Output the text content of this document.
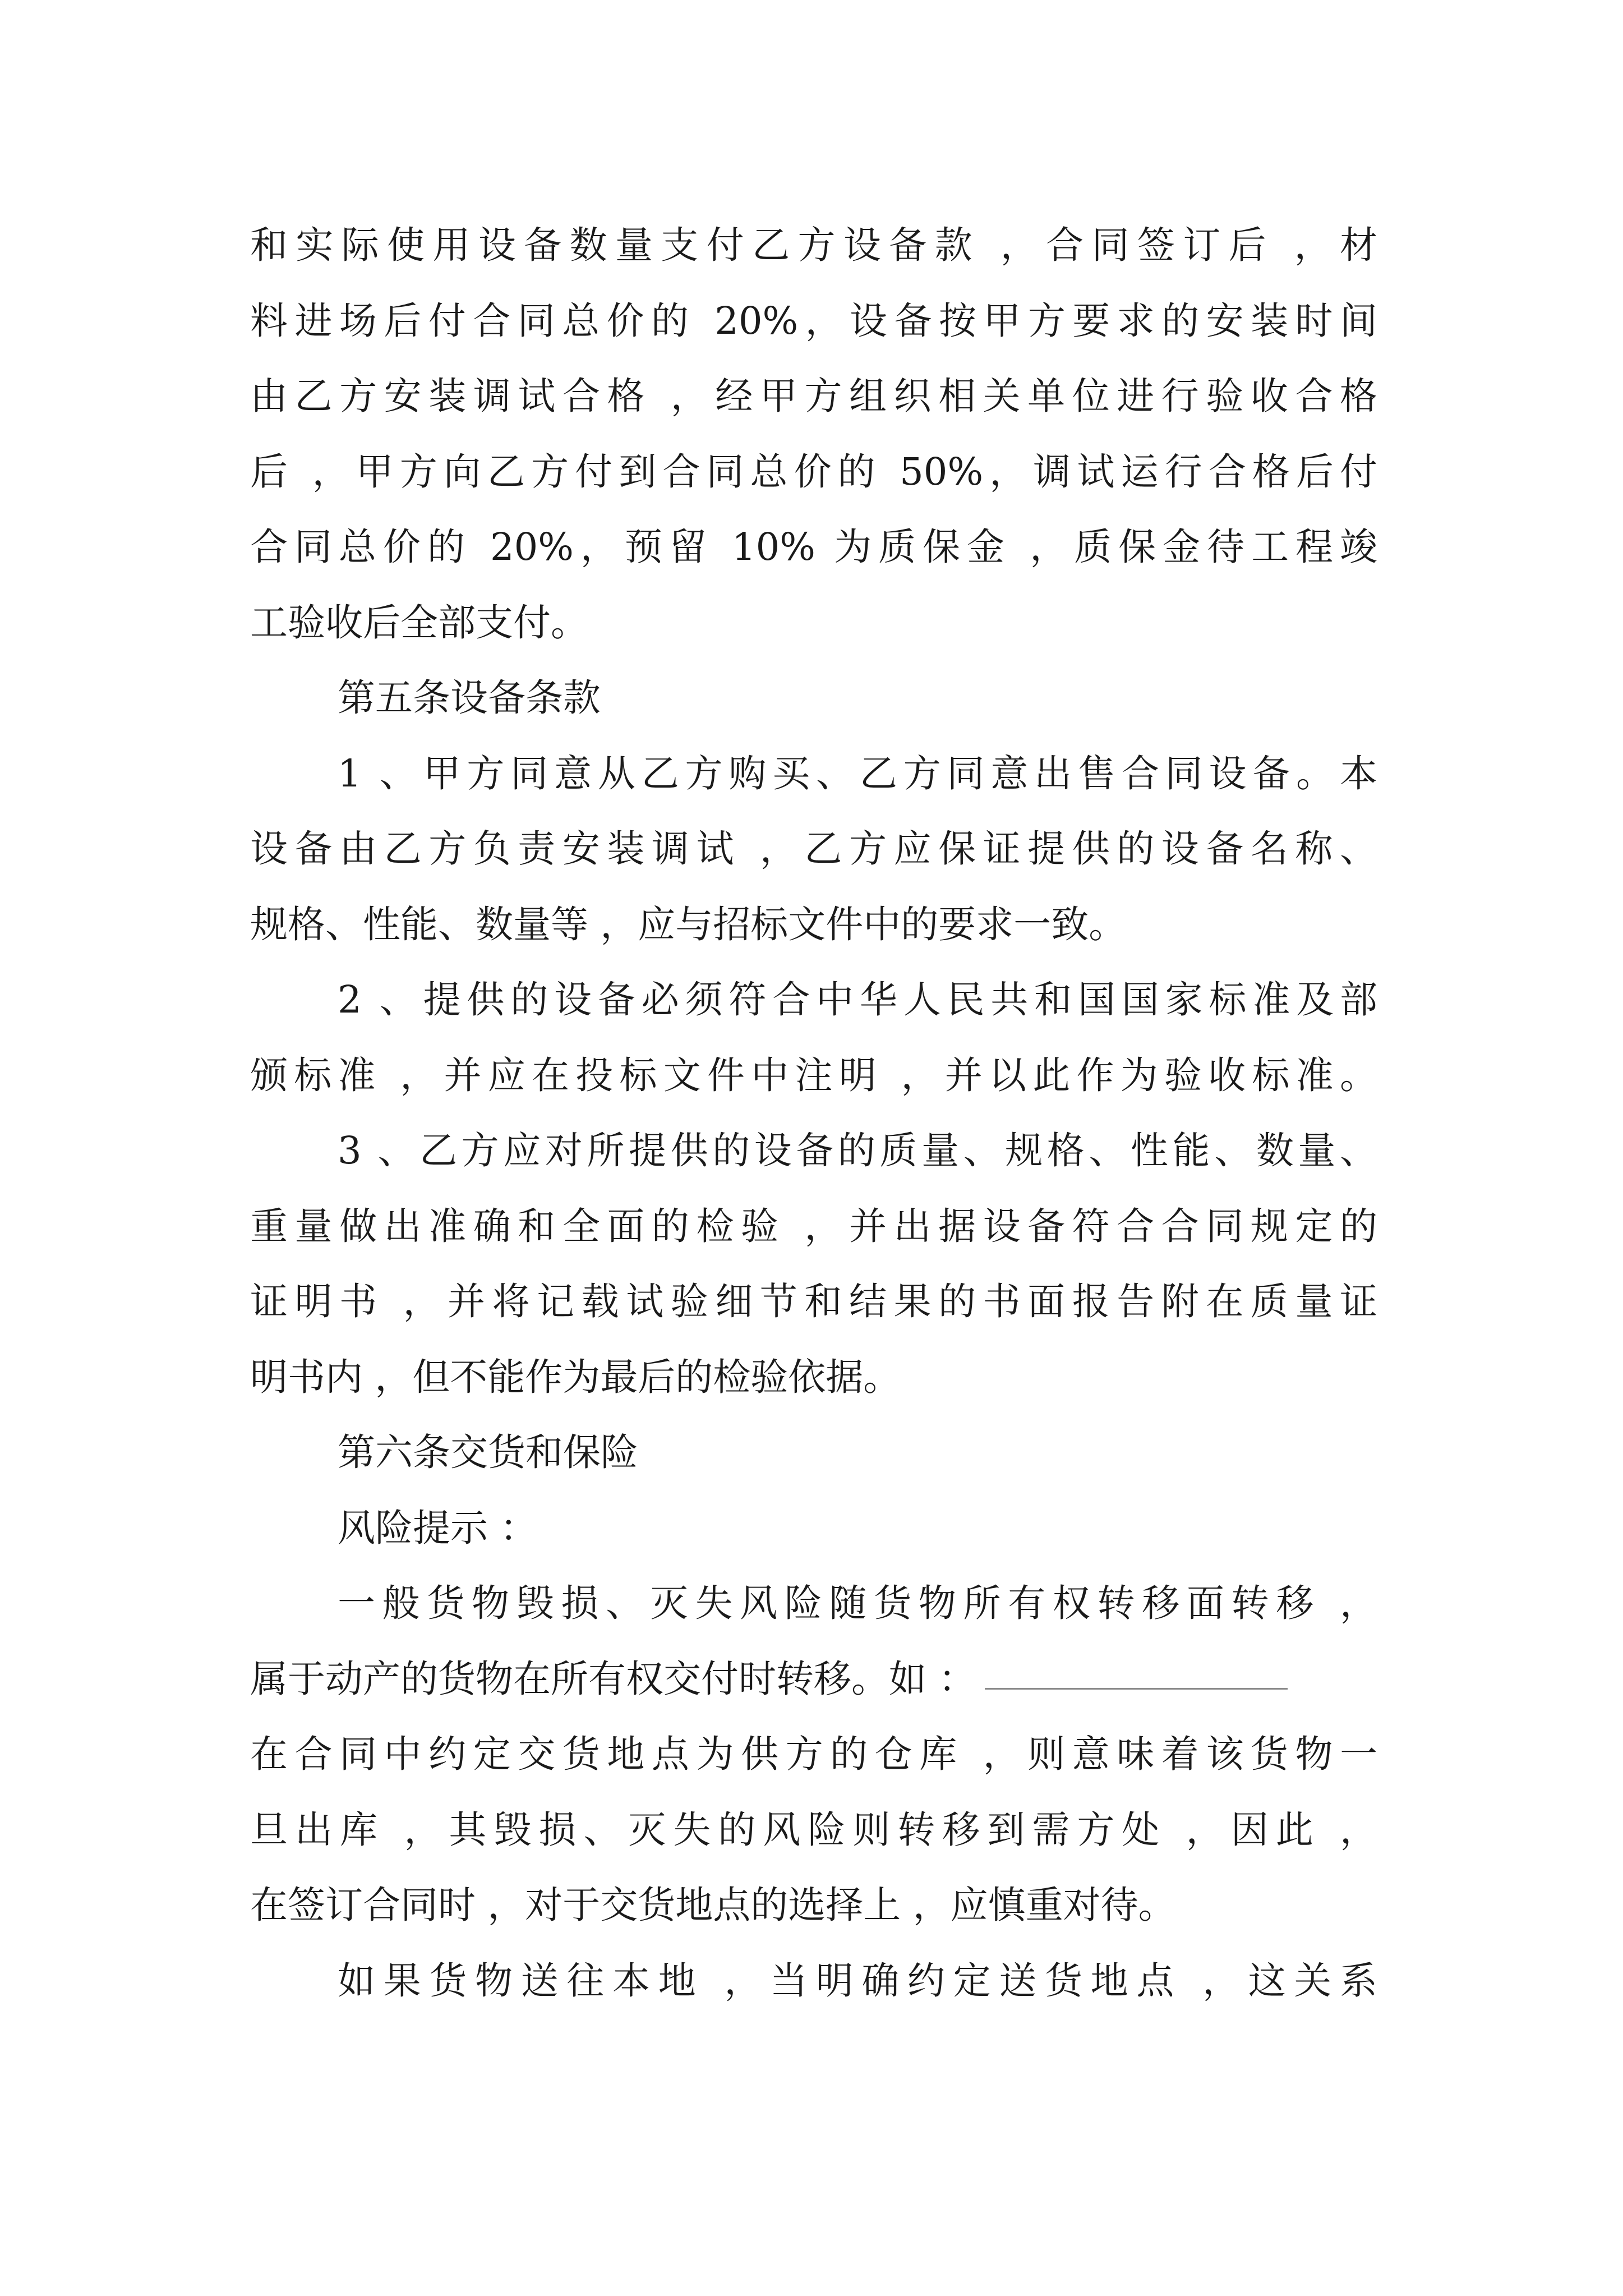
和实际使用设备数量支付乙方设备款 ，合同签订后 ，材
料进场后付合同总价的 20%，设备按甲方要求的安装时间
由乙方安装调试合格 ，经甲方组织相关单位进行验收合格
后 ，甲方向乙方付到合同总价的 50%，调试运行合格后付
合同总价的 20%，预留 10% 为质保金 ，质保金待工程竣
工验收后全部支付。
第五条设备条款
1 、甲方同意从乙方购买、乙方同意出售合同设备。本
设备由乙方负责安装调试 ，乙方应保证提供的设备名称、
规格、性能、数量等 ，应与招标文件中的要求一致。
2 、提供的设备必须符合中华人民共和国国家标准及部
颁标准 ，并应在投标文件中注明 ，并以此作为验收标准。
3 、乙方应对所提供的设备的质量、规格、性能、数量、
重量做出准确和全面的检验 ，并出据设备符合合同规定的
证明书 ，并将记载试验细节和结果的书面报告附在质量证
明书内 ，但不能作为最后的检验依据。
第六条交货和保险
风险提示 ：
一般货物毁损、灭失风险随货物所有权转移面转移 ，
属于动产的货物在所有权交付时转移。如 ：
在合同中约定交货地点为供方的仓库 ，则意味着该货物一
旦出库 ，其毁损、灭失的风险则转移到需方处 ，因此 ，
在签订合同时 ，对于交货地点的选择上 ，应慎重对待。
如果货物送往本地 ，当明确约定送货地点 ，这关系
